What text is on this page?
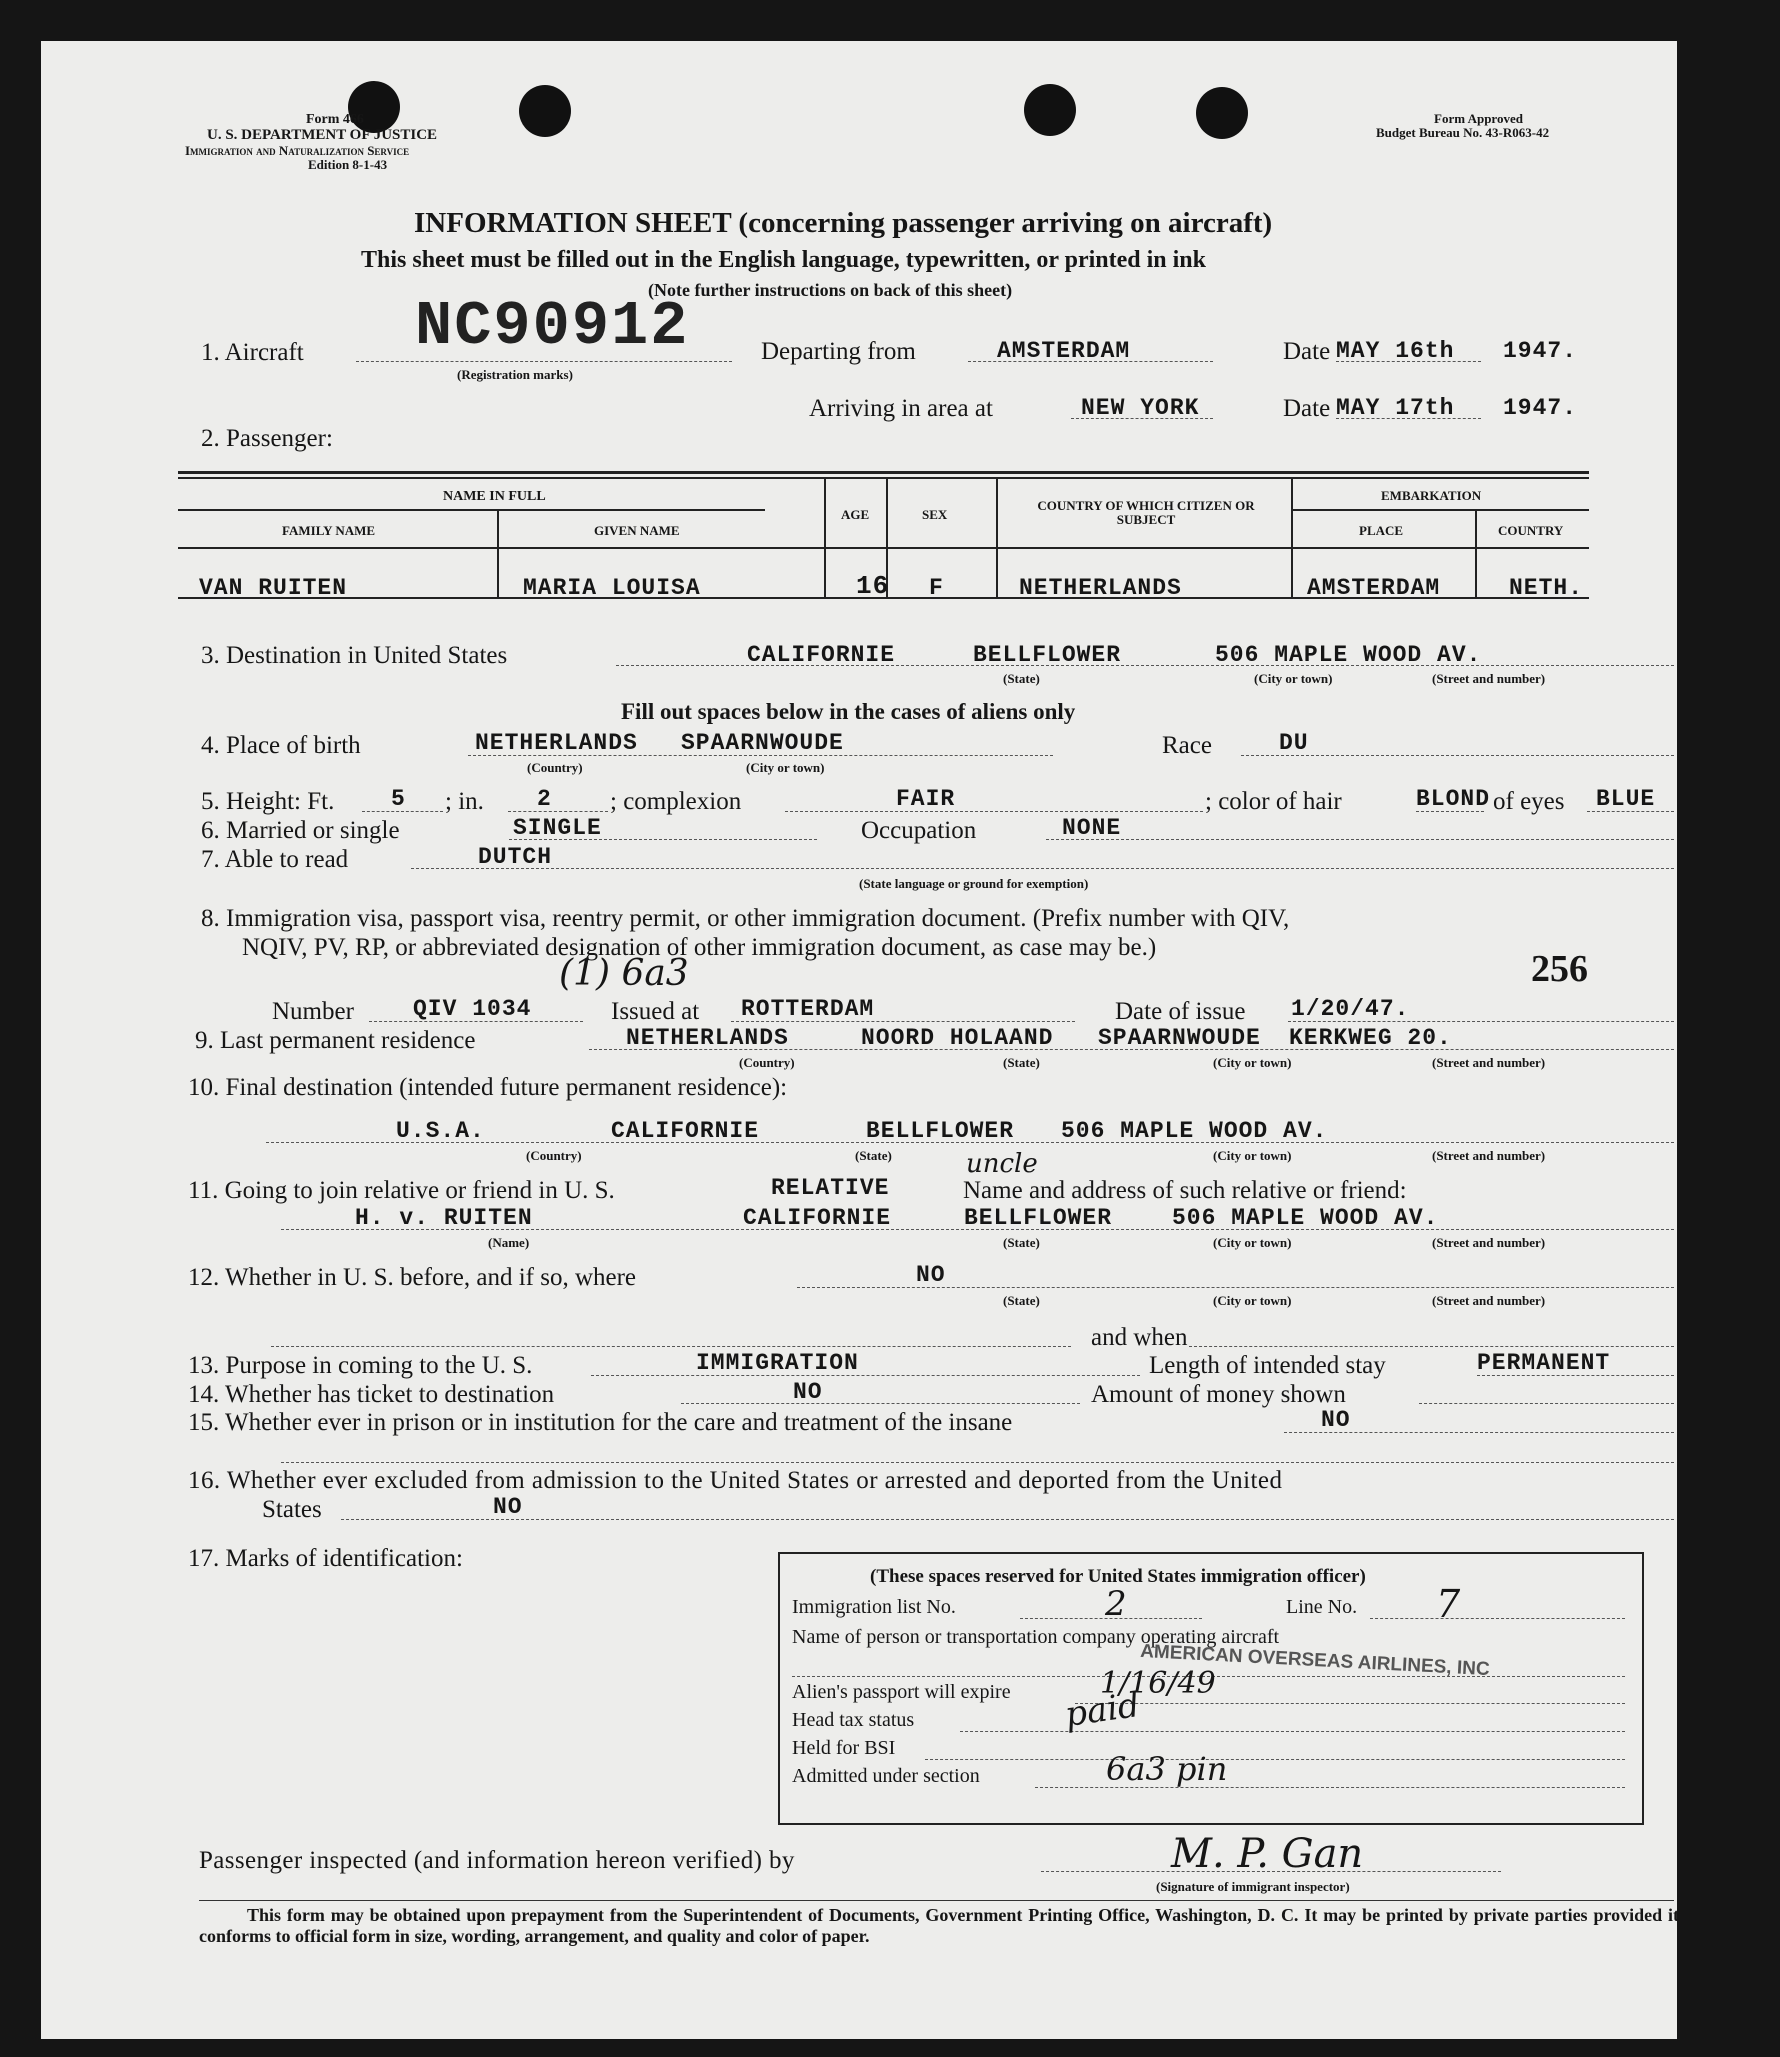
Form 466
U. S. DEPARTMENT OF JUSTICE
Immigration and Naturalization Service
Edition 8-1-43
Form Approved
Budget Bureau No. 43-R063-42
INFORMATION SHEET (concerning passenger arriving on aircraft)
This sheet must be filled out in the English language, typewritten, or printed in ink
(Note further instructions on back of this sheet)
1. Aircraft NC90912
(Registration marks)
Departing from	AMSTERDAM	Date MAY 16th 1947.
Arriving in area at	NEW YORK	Date MAY 17th 1947.
2. Passenger:
NAME IN FULL
FAMILY NAME	GIVEN NAME
AGE	SEX
COUNTRY OF WHICH CITIZEN OR SUBJECT
EMBARKATION
PLACE	COUNTRY
VAN RUITEN	MARIA LOUISA	16 F	NETHERLANDS	AMSTERDAM	NETH.
3. Destination in United States	CALIFORNIE	BELLFLOWER	506 MAPLE WOOD AV.
(State)	(City or town)	(Street and number)
Fill out spaces below in the cases of aliens only
4. Place of birth	NETHERLANDS SPAARNWOUDE
(Country)	(City or town)
Race	DU
5. Height: Ft. 5 ; in. 2 ; complexion	FAIR	; color of hair	BLOND of eyes BLUE
6. Married or single	SINGLE	Occupation	NONE
7. Able to read	DUTCH
(State language or ground for exemption)
8. Immigration visa, passport visa, reentry permit, or other immigration document. (Prefix number with QIV,
NQIV, PV, RP, or abbreviated designation of other immigration document, as case may be.)
256
Number	QIV 1034
(1) 6a3
Issued at ROTTERDAM	Date of issue 1/20/47.
9. Last permanent residence	NETHERLANDS	NOORD HOLAAND SPAARNWOUDE KERKWEG 20.
(Country)	(State)	(City or town)	(Street and number)
10. Final destination (intended future permanent residence):
U.S.A.	CALIFORNIE	BELLFLOWER 506 MAPLE WOOD AV.
(Country)	(State)	(City or town)	(Street and number)
11. Going to join relative or friend in U. S.	RELATIVE
uncle
Name and address of such relative or friend:
H. v. RUITEN	CALIFORNIE	BELLFLOWER	506 MAPLE WOOD AV.
(Name)	(State)	(City or town)	(Street and number)
12. Whether in U. S. before, and if so, where	NO
(State)	(City or town)	(Street and number)
and when
13. Purpose in coming to the U. S.	IMMIGRATION	Length of intended stay	PERMANENT
14. Whether has ticket to destination	NO	Amount of money shown
15. Whether ever in prison or in institution for the care and treatment of the insane	NO
16. Whether ever excluded from admission to the United States or arrested and deported from the United
States	NO
17. Marks of identification:
(These spaces reserved for United States immigration officer)
Immigration list No.	2	Line No. 7
Name of person or transportation company operating aircraft
AMERICAN OVERSEAS AIRLINES, INC
Alien's passport will expire	1/16/49
Head tax status	paid
Held for BSI
Admitted under section	6a3 pin
Passenger inspected (and information hereon verified) by	M. P. Gan
(Signature of immigrant inspector)
This form may be obtained upon prepayment from the Superintendent of Documents, Government Printing Office, Washington, D. C. It may be printed by private parties provided it conforms to official form in size, wording, arrangement, and quality and color of paper.
